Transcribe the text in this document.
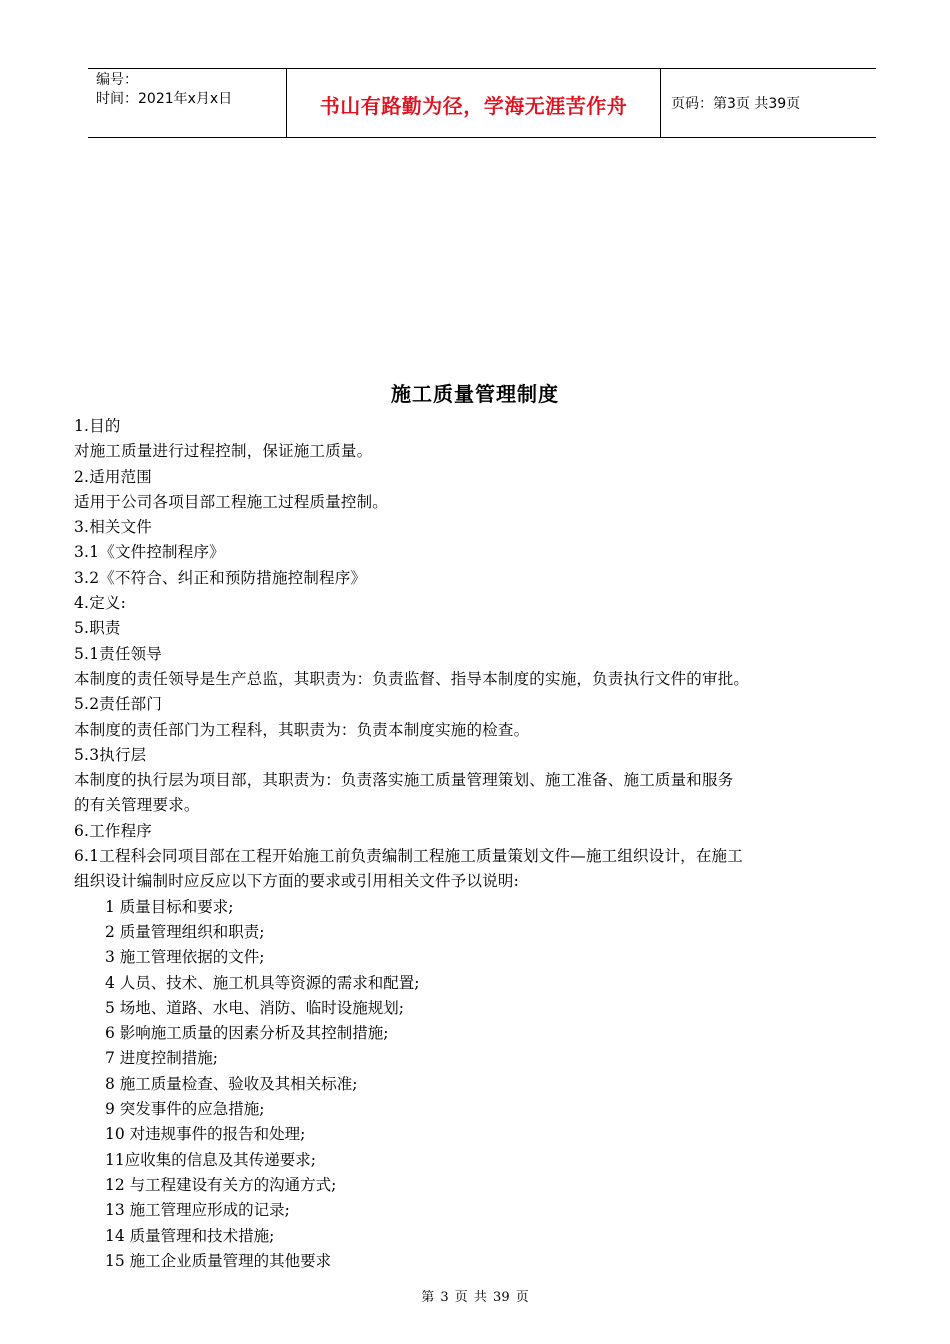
编号：
时间：2021年x月x日	书山有路勤为径，学海无涯苦作舟	页码：第3页 共39页
施工质量管理制度

1.目的

对施工质量进行过程控制，保证施工质量。

2.适用范围

适用于公司各项目部工程施工过程质量控制。

3.相关文件

3.1《文件控制程序》

3.2《不符合、纠正和预防措施控制程序》

4.定义:

5.职责

5.1责任领导

本制度的责任领导是生产总监，其职责为：负责监督、指导本制度的实施，负责执行文件的审批。

5.2责任部门

本制度的责任部门为工程科，其职责为：负责本制度实施的检查。

5.3执行层

本制度的执行层为项目部，其职责为：负责落实施工质量管理策划、施工准备、施工质量和服务

的有关管理要求。

6.工作程序

6.1工程科会同项目部在工程开始施工前负责编制工程施工质量策划文件—施工组织设计，在施工

组织设计编制时应反应以下方面的要求或引用相关文件予以说明:

1 质量目标和要求;

2 质量管理组织和职责;

3 施工管理依据的文件;

4 人员、技术、施工机具等资源的需求和配置;

5 场地、道路、水电、消防、临时设施规划;

6 影响施工质量的因素分析及其控制措施;

7 进度控制措施;

8 施工质量检查、验收及其相关标准;

9 突发事件的应急措施;

10 对违规事件的报告和处理;

11应收集的信息及其传递要求;

12 与工程建设有关方的沟通方式;

13 施工管理应形成的记录;

14 质量管理和技术措施;

15 施工企业质量管理的其他要求

第 3 页 共 39 页
